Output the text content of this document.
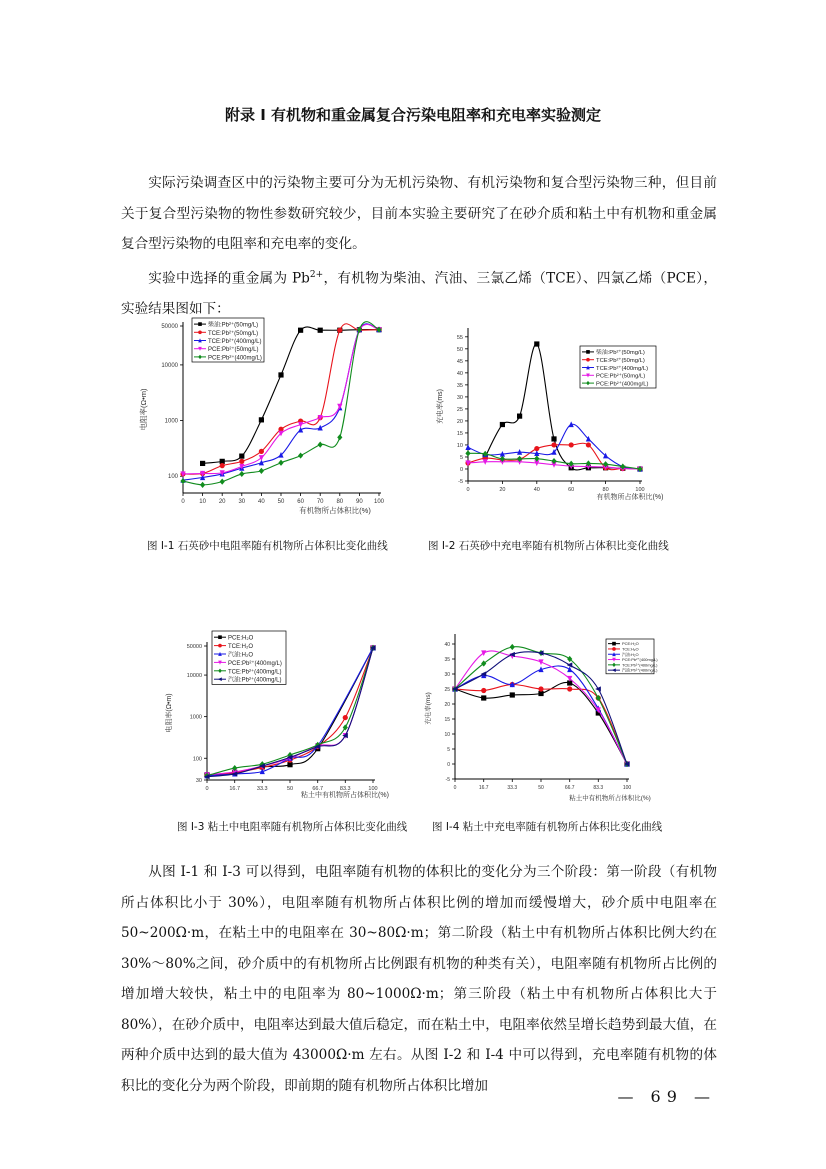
附录 I 有机物和重金属复合污染电阻率和充电率实验测定

实际污染调查区中的污染物主要可分为无机污染物、有机污染物和复合型污染物三种，但目前关于复合型污染物的物性参数研究较少，目前本实验主要研究了在砂介质和粘土中有机物和重金属复合型污染物的电阻率和充电率的变化。

实验中选择的重金属为 $Pb^{2+}$，有机物为柴油、汽油、三氯乙烯（TCE）、四氯乙烯（PCE），实验结果图如下：

0 10 20 30 40 50 60 70 80 90 100
100
1000
10000
50000
有机物所占体积比(%)
电阻率(Ω•m)
柴油:Pb²⁺(50mg/L)
TCE:Pb²⁺(50mg/L)
TCE:Pb²⁺(400mg/L)
PCE:Pb²⁺(50mg/L)
PCE:Pb²⁺(400mg/L)
0	20	40	60	80	100
-5
0
5
10
15
20
25
30
35
40
45
50
55
有机物所占体积比(%)
充电率(ms)
柴油:Pb²⁺(50mg/L)
TCE:Pb²⁺(50mg/L)
TCE:Pb²⁺(400mg/L)
PCE:Pb²⁺(50mg/L)
PCE:Pb²⁺(400mg/L)
0	16.7	33.3	50	66.7	83.3	100
30
100
1000
10000
50000
粘土中有机物所占体积比(%)
电阻率(Ω•m)
PCE:H₂O
TCE:H₂O
汽油:H₂O
PCE:Pb²⁺(400mg/L)
TCE:Pb²⁺(400mg/L)
汽油:Pb²⁺(400mg/L)
0	16.7	33.3	50	66.7	83.3	100
-5
0
5
10
15
20
25
30
35
40
粘土中有机物所占体积比(%)
充电率(ms)
PCE:H₂O
TCE:H₂O
汽油:H₂O
PCE:Pb²⁺(400mg/L)
TCE:Pb²⁺(400mg/L)
汽油:Pb²⁺(400mg/L)
图 I-1 石英砂中电阻率随有机物所占体积比变化曲线	图 I-2 石英砂中充电率随有机物所占体积比变化曲线
图 I-3 粘土中电阻率随有机物所占体积比变化曲线 图 I-4 粘土中充电率随有机物所占体积比变化曲线

从图 I-1 和 I-3 可以得到，电阻率随有机物的体积比的变化分为三个阶段：第一阶段（有机物所占体积比小于 30%），电阻率随有机物所占体积比例的增加而缓慢增大，砂介质中电阻率在 50~200Ω·m，在粘土中的电阻率在 30~80Ω·m；第二阶段（粘土中有机物所占体积比例大约在 30%～80%之间，砂介质中的有机物所占比例跟有机物的种类有关），电阻率随有机物所占比例的增加增大较快，粘土中的电阻率为 80~1000Ω·m；第三阶段（粘土中有机物所占体积比大于 80%），在砂介质中，电阻率达到最大值后稳定，而在粘土中，电阻率依然呈增长趋势到最大值，在两种介质中达到的最大值为 43000Ω·m 左右。从图 I-2 和 I-4 中可以得到，充电率随有机物的体积比的变化分为两个阶段，即前期的随有机物所占体积比增加

— 69 —
